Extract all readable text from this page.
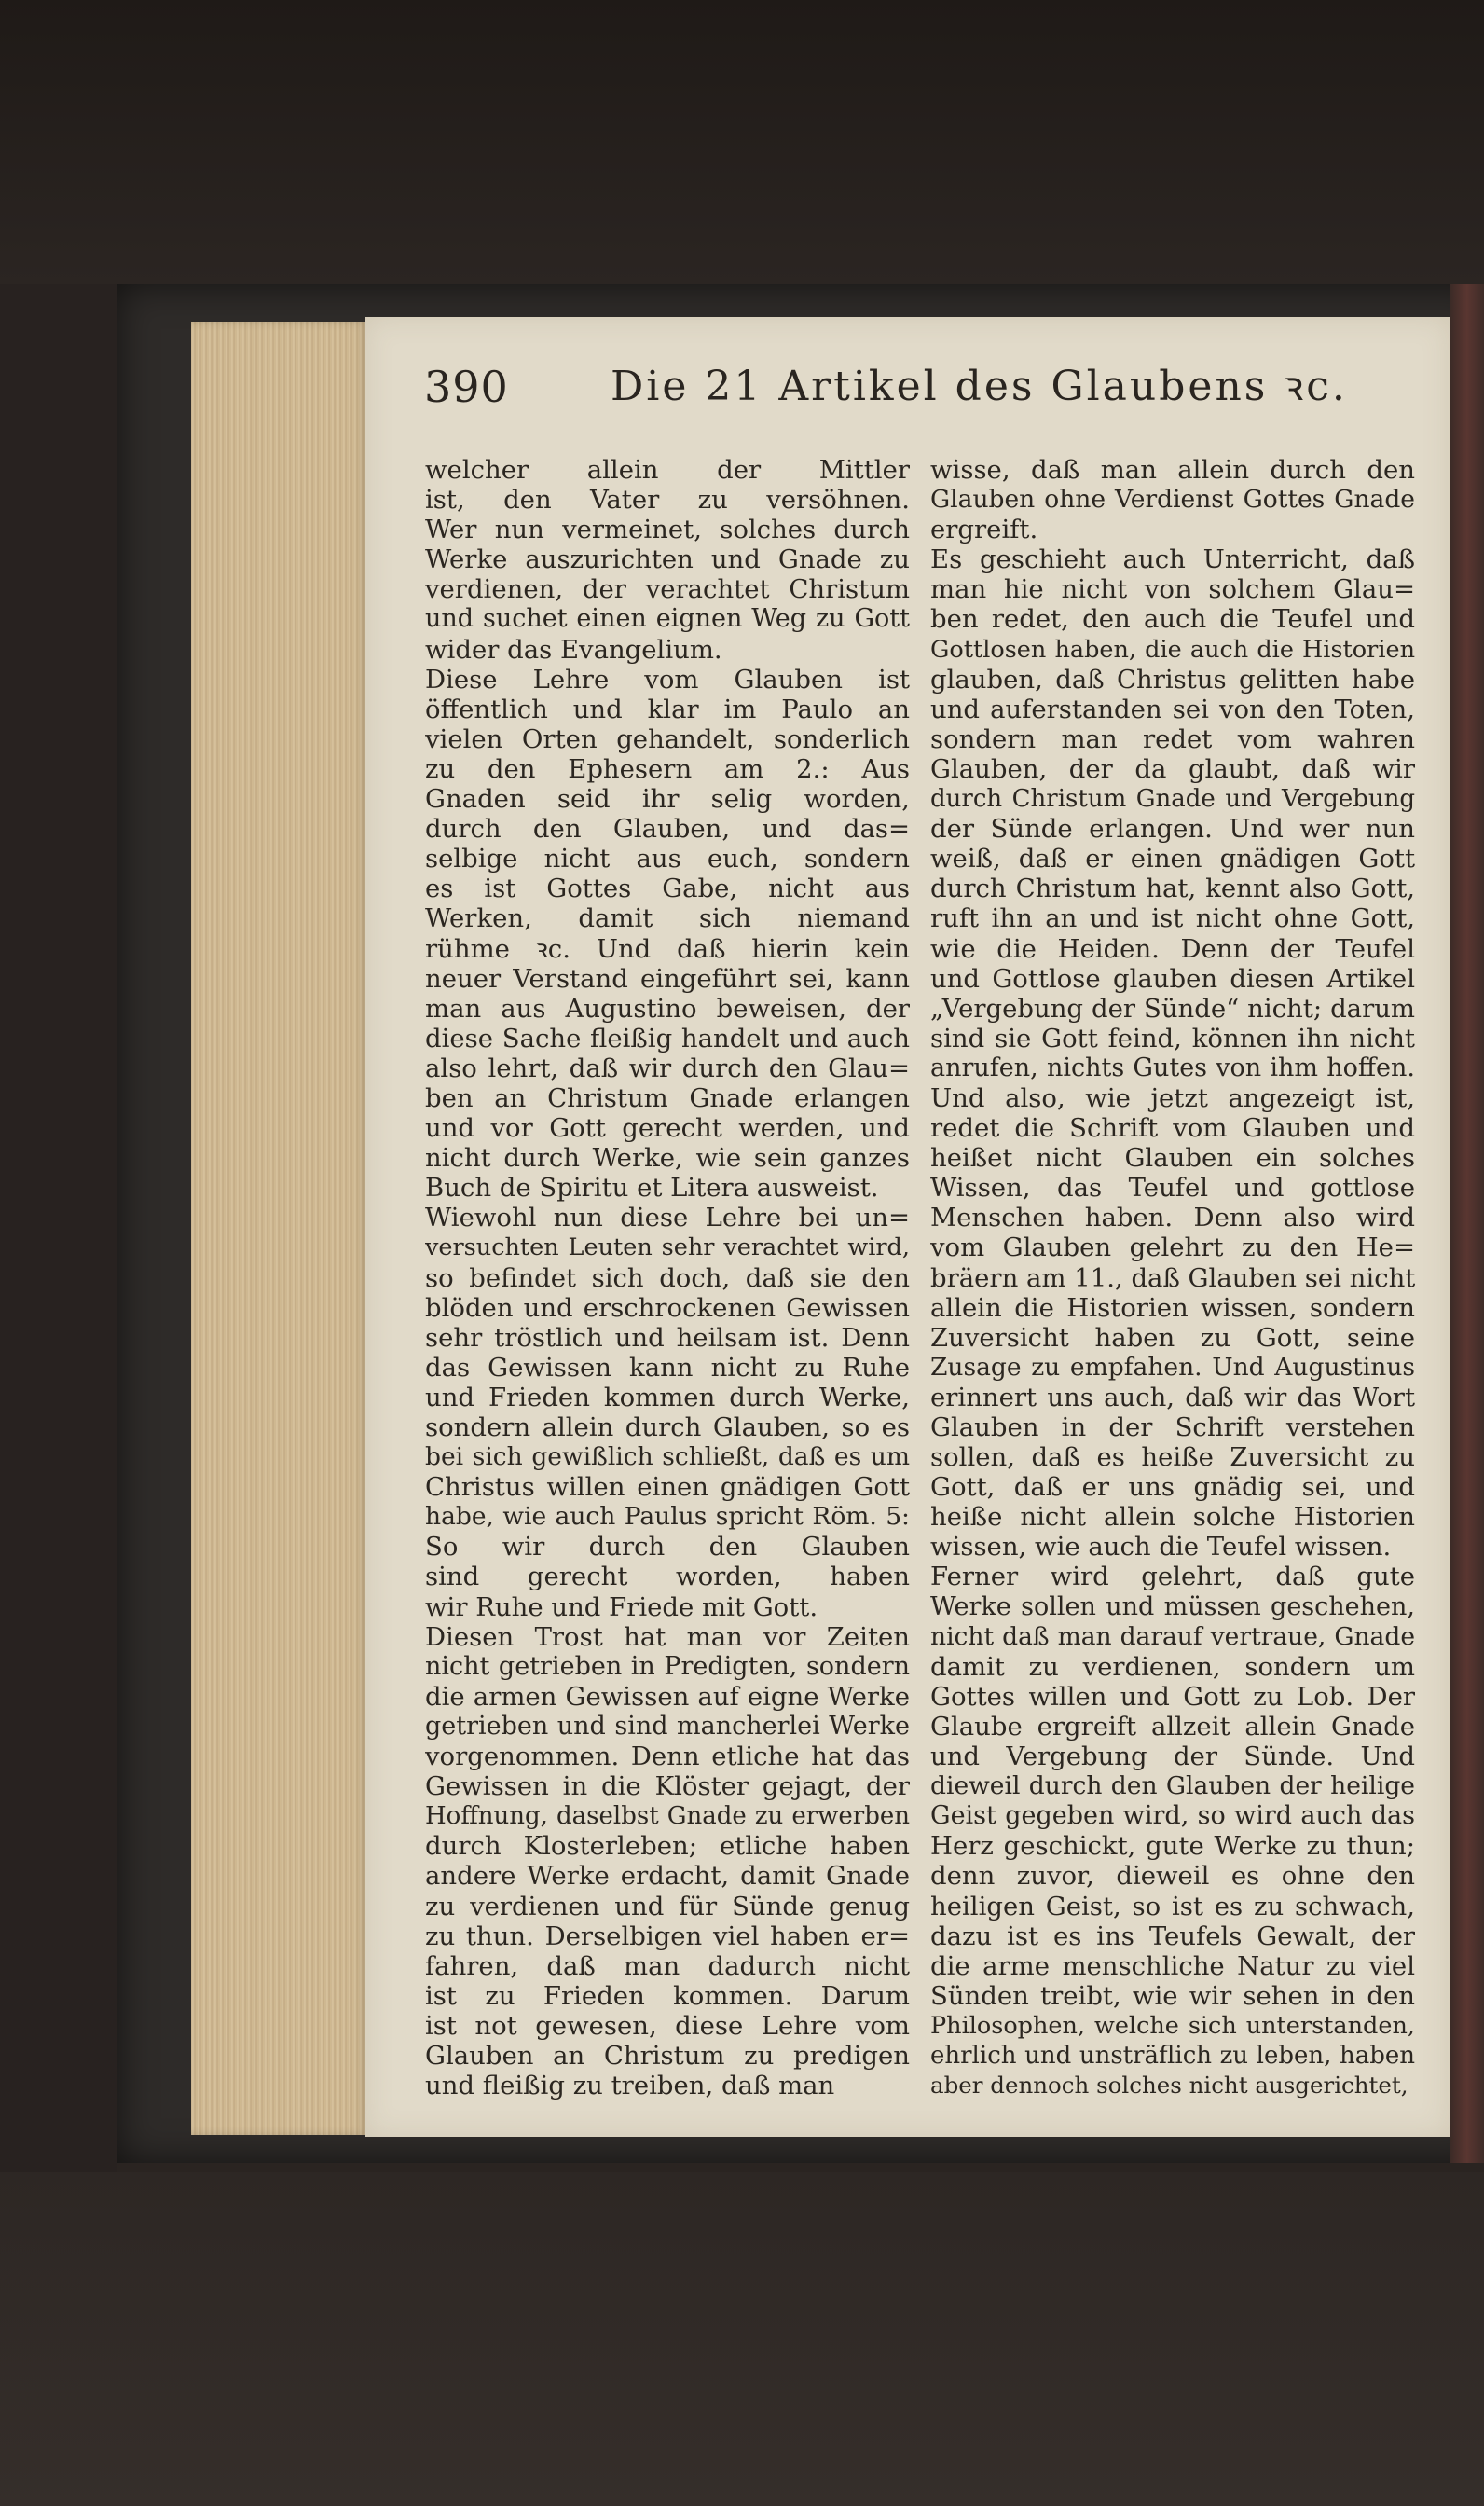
390 Die 21 Artikel des Glaubens ꝛc.
welcher allein der Mittler
ist, den Vater zu versöhnen.
Wer nun vermeinet, solches durch
Werke auszurichten und Gnade zu
verdienen, der verachtet Christum
und suchet einen eignen Weg zu Gott
wider das Evangelium.
Diese Lehre vom Glauben ist
öffentlich und klar im Paulo an
vielen Orten gehandelt, sonderlich
zu den Ephesern am 2.: Aus
Gnaden seid ihr selig worden,
durch den Glauben, und das=
selbige nicht aus euch, sondern
es ist Gottes Gabe, nicht aus
Werken, damit sich niemand
rühme ꝛc. Und daß hierin kein
neuer Verstand eingeführt sei, kann
man aus Augustino beweisen, der
diese Sache fleißig handelt und auch
also lehrt, daß wir durch den Glau=
ben an Christum Gnade erlangen
und vor Gott gerecht werden, und
nicht durch Werke, wie sein ganzes
Buch de Spiritu et Litera ausweist.
Wiewohl nun diese Lehre bei un=
versuchten Leuten sehr verachtet wird,
so befindet sich doch, daß sie den
blöden und erschrockenen Gewissen
sehr tröstlich und heilsam ist. Denn
das Gewissen kann nicht zu Ruhe
und Frieden kommen durch Werke,
sondern allein durch Glauben, so es
bei sich gewißlich schließt, daß es um
Christus willen einen gnädigen Gott
habe, wie auch Paulus spricht Röm. 5:
So wir durch den Glauben
sind gerecht worden, haben
wir Ruhe und Friede mit Gott.
Diesen Trost hat man vor Zeiten
nicht getrieben in Predigten, sondern
die armen Gewissen auf eigne Werke
getrieben und sind mancherlei Werke
vorgenommen. Denn etliche hat das
Gewissen in die Klöster gejagt, der
Hoffnung, daselbst Gnade zu erwerben
durch Klosterleben; etliche haben
andere Werke erdacht, damit Gnade
zu verdienen und für Sünde genug
zu thun. Derselbigen viel haben er=
fahren, daß man dadurch nicht
ist zu Frieden kommen. Darum
ist not gewesen, diese Lehre vom
Glauben an Christum zu predigen
und fleißig zu treiben, daß man
wisse, daß man allein durch den
Glauben ohne Verdienst Gottes Gnade
ergreift.
Es geschieht auch Unterricht, daß
man hie nicht von solchem Glau=
ben redet, den auch die Teufel und
Gottlosen haben, die auch die Historien
glauben, daß Christus gelitten habe
und auferstanden sei von den Toten,
sondern man redet vom wahren
Glauben, der da glaubt, daß wir
durch Christum Gnade und Vergebung
der Sünde erlangen. Und wer nun
weiß, daß er einen gnädigen Gott
durch Christum hat, kennt also Gott,
ruft ihn an und ist nicht ohne Gott,
wie die Heiden. Denn der Teufel
und Gottlose glauben diesen Artikel
„Vergebung der Sünde“ nicht; darum
sind sie Gott feind, können ihn nicht
anrufen, nichts Gutes von ihm hoffen.
Und also, wie jetzt angezeigt ist,
redet die Schrift vom Glauben und
heißet nicht Glauben ein solches
Wissen, das Teufel und gottlose
Menschen haben. Denn also wird
vom Glauben gelehrt zu den He=
bräern am 11., daß Glauben sei nicht
allein die Historien wissen, sondern
Zuversicht haben zu Gott, seine
Zusage zu empfahen. Und Augustinus
erinnert uns auch, daß wir das Wort
Glauben in der Schrift verstehen
sollen, daß es heiße Zuversicht zu
Gott, daß er uns gnädig sei, und
heiße nicht allein solche Historien
wissen, wie auch die Teufel wissen.
Ferner wird gelehrt, daß gute
Werke sollen und müssen geschehen,
nicht daß man darauf vertraue, Gnade
damit zu verdienen, sondern um
Gottes willen und Gott zu Lob. Der
Glaube ergreift allzeit allein Gnade
und Vergebung der Sünde. Und
dieweil durch den Glauben der heilige
Geist gegeben wird, so wird auch das
Herz geschickt, gute Werke zu thun;
denn zuvor, dieweil es ohne den
heiligen Geist, so ist es zu schwach,
dazu ist es ins Teufels Gewalt, der
die arme menschliche Natur zu viel
Sünden treibt, wie wir sehen in den
Philosophen, welche sich unterstanden,
ehrlich und unsträflich zu leben, haben
aber dennoch solches nicht ausgerichtet,
